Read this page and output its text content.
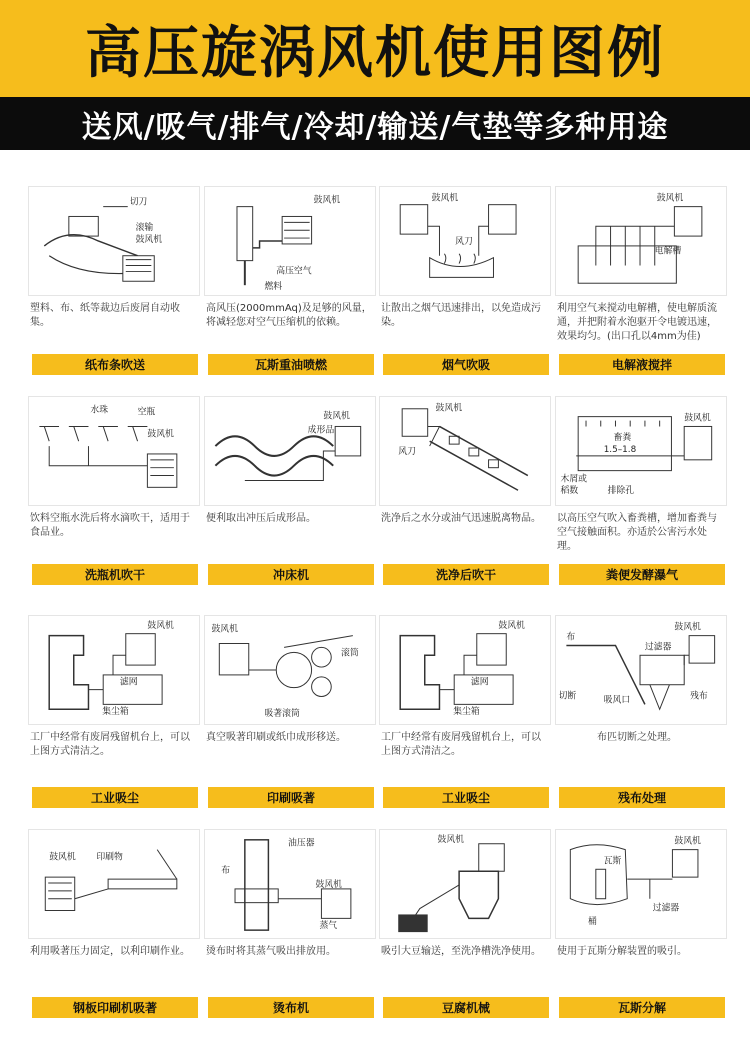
高压旋涡风机使用图例
送风/吸气/排气/冷却/输送/气垫等多种用途
切刀
滚输
鼓风机
塑料、布、纸等裁边后废屑自动收集。
纸布条吹送
鼓风机
高压空气
燃料
高风压(2000mmAq)及足够的风量，将减轻您对空气压缩机的依赖。
瓦斯重油喷燃
鼓风机
风刀
让散出之烟气迅速排出，以免造成污染。
烟气吹吸
鼓风机
电解槽
利用空气来搅动电解槽，使电解质流通，并把附着水泡驱开令电镀迅速，效果均匀。(出口孔以4mm为佳)
电解液搅拌
水珠	空瓶
鼓风机
饮料空瓶水洗后将水滴吹干，适用于食品业。
洗瓶机吹干
鼓风机
成形品
便利取出冲压后成形品。
冲床机
鼓风机
风刀
洗净后之水分或油气迅速脱离物品。
洗净后吹干
鼓风机
畜粪
1.5–1.8
木屑或
稻数	排除孔
以高压空气吹入畜粪槽，增加畜粪与空气接触面积。亦适於公害污水处理。
粪便发酵瀑气
鼓风机
滤网
集尘箱
工厂中经常有废屑残留机台上，可以上图方式清洁之。
工业吸尘
鼓风机
滚筒
吸著滚筒
真空吸著印刷或纸巾成形移送。
印刷吸著
鼓风机
滤网
集尘箱
工厂中经常有废屑残留机台上，可以上图方式清洁之。
工业吸尘
布
过滤器
鼓风机
切断	吸风口	残布
布匹切断之处理。
残布处理
鼓风机 印刷物
利用吸著压力固定，以利印刷作业。
钢板印刷机吸著
油压器
布
鼓风机
蒸气
烫布时将其蒸气吸出排放用。
烫布机
鼓风机
吸引大豆输送，至洗净槽洗净使用。
豆腐机械
瓦斯
鼓风机
桶
过滤器
使用于瓦斯分解装置的吸引。
瓦斯分解
